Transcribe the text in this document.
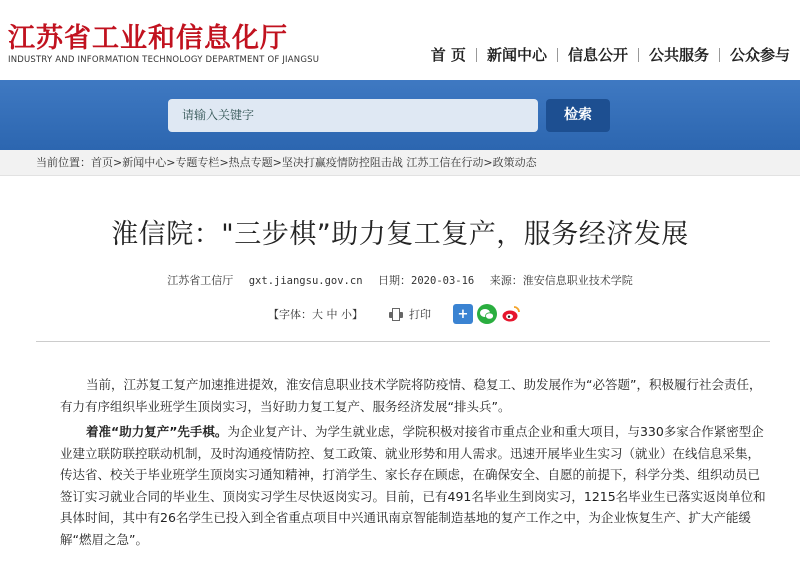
江苏省工业和信息化厅
INDUSTRY AND INFORMATION TECHNOLOGY DEPARTMENT OF JIANGSU	首 页	新闻中心	信息公开	公共服务	公众参与
请输入关键字	检索
当前位置：首页>新闻中心>专题专栏>热点专题>坚决打赢疫情防控阻击战 江苏工信在行动>政策动态
淮信院："三步棋”助力复工复产，服务经济发展
江苏省工信厅 gxt.jiangsu.gov.cn 日期：2020-03-16 来源：淮安信息职业技术学院
【字体：大 中 小】	打印	+

当前，江苏复工复产加速推进提效，淮安信息职业技术学院将防疫情、稳复工、助发展作为“必答题”，积极履行社会责任，有力有序组织毕业班学生顶岗实习，当好助力复工复产、服务经济发展“排头兵”。

着准“助力复产”先手棋。为企业复产计、为学生就业虑，学院积极对接省市重点企业和重大项目，与330多家合作紧密型企业建立联防联控联动机制，及时沟通疫情防控、复工政策、就业形势和用人需求。迅速开展毕业生实习（就业）在线信息采集，传达省、校关于毕业班学生顶岗实习通知精神，打消学生、家长存在顾虑，在确保安全、自愿的前提下，科学分类、组织动员已签订实习就业合同的毕业生、顶岗实习学生尽快返岗实习。目前，已有491名毕业生到岗实习，1215名毕业生已落实返岗单位和具体时间，其中有26名学生已投入到全省重点项目中兴通讯南京智能制造基地的复产工作之中，为企业恢复生产、扩大产能缓解“燃眉之急”。
